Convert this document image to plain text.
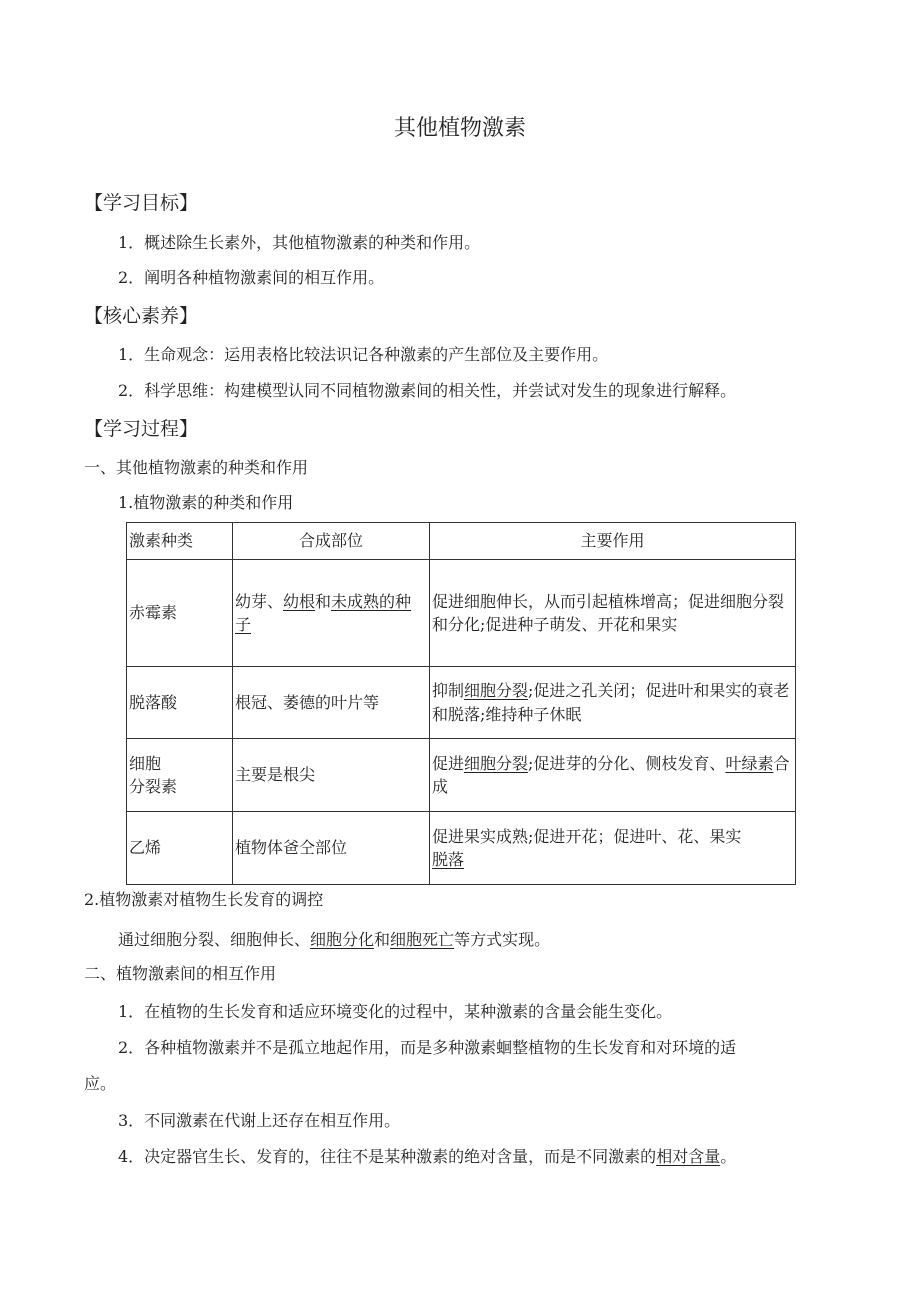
其他植物激素
【学习目标】
1．概述除生长素外，其他植物激素的种类和作用。
2．阐明各种植物激素间的相互作用。
【核心素养】
1．生命观念：运用表格比较法识记各种激素的产生部位及主要作用。
2．科学思维：构建模型认同不同植物激素间的相关性，并尝试对发生的现象进行解释。
【学习过程】
一、其他植物激素的种类和作用
1.植物激素的种类和作用
激素种类	合成部位	主要作用
赤霉素	幼芽、幼根和未成熟的种子	促进细胞伸长，从而引起植株增高；促进细胞分裂和分化;促进种子萌发、开花和果实
脱落酸	根冠、萎德的叶片等	抑制细胞分裂;促进之孔关闭；促进叶和果实的衰老和脱落;维持种子休眠
细胞
分裂素	主要是根尖	促进细胞分裂;促进芽的分化、侧枝发育、叶绿素合成
乙烯	植物体爸仝部位	促进果实成熟;促进开花；促进叶、花、果实
脱落
2.植物激素对植物生长发育的调控
通过细胞分裂、细胞伸长、细胞分化和细胞死亡等方式实现。
二、植物激素间的相互作用
1．在植物的生长发育和适应环境变化的过程中，某种激素的含量会能生变化。
2．各种植物激素并不是孤立地起作用，而是多种激素蛔整植物的生长发育和对环境的适
应。
3．不同激素在代谢上还存在相互作用。
4．决定器官生长、发育的，往往不是某种激素的绝对含量，而是不同激素的相对含量。
